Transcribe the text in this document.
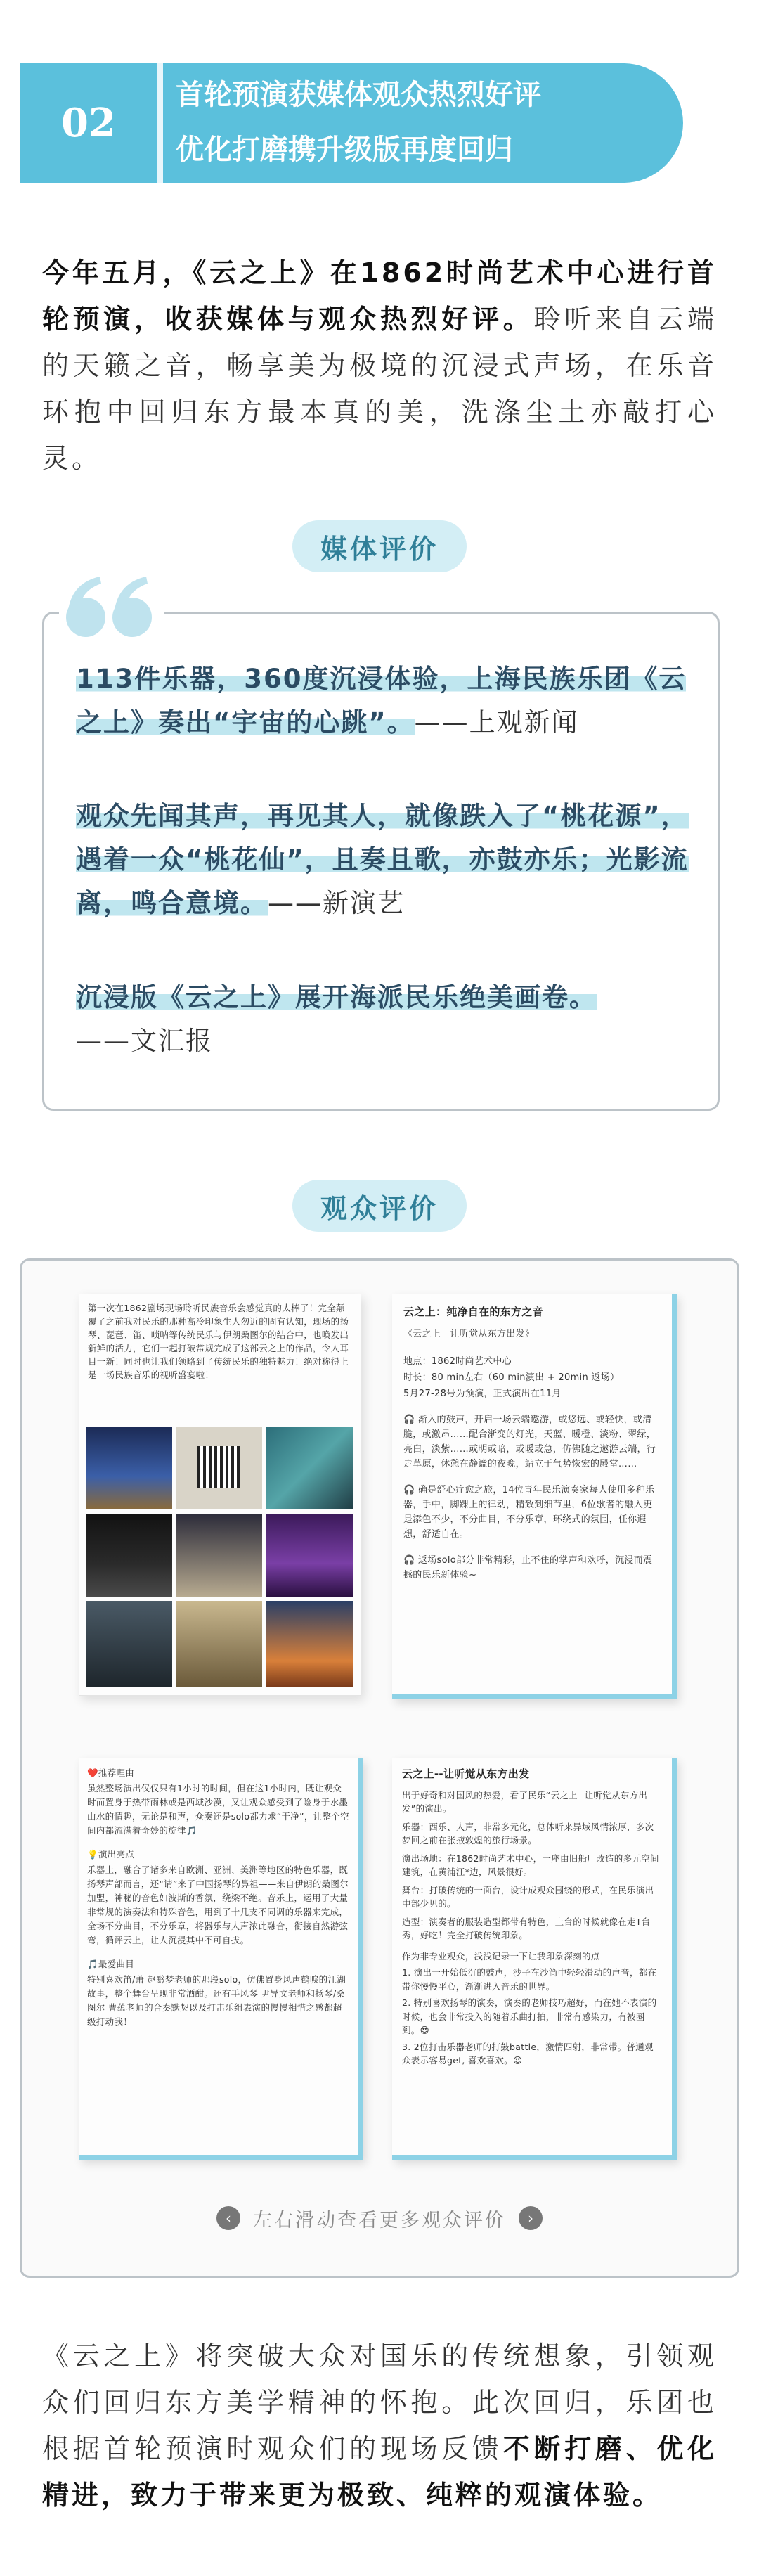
02
首轮预演获媒体观众热烈好评
优化打磨携升级版再度回归
今年五月，《云之上》在1862时尚艺术中心进行首轮预演，收获媒体与观众热烈好评。聆听来自云端的天籁之音，畅享美为极境的沉浸式声场，在乐音环抱中回归东方最本真的美，洗涤尘土亦敲打心灵。
媒体评价
113件乐器，360度沉浸体验，上海民族乐团《云之上》奏出“宇宙的心跳”。——上观新闻
观众先闻其声，再见其人，就像跌入了“桃花源”，遇着一众“桃花仙”，且奏且歌，亦鼓亦乐；光影流离，鸣合意境。——新演艺
沉浸版《云之上》展开海派民乐绝美画卷。
——文汇报
观众评价
第一次在1862剧场现场聆听民族音乐会感觉真的太棒了！完全颠覆了之前我对民乐的那种高冷印象生人勿近的固有认知，现场的扬琴、琵琶、笛、唢呐等传统民乐与伊朗桑图尔的结合中，也唤发出新鲜的活力，它们一起打破常规完成了这部云之上的作品，令人耳目一新！同时也让我们领略到了传统民乐的独特魅力！绝对称得上是一场民族音乐的视听盛宴啦！
云之上：纯净自在的东方之音

《云之上—让听觉从东方出发》

地点：1862时尚艺术中心

时长：80 min左右（60 min演出 + 20min 返场）

5月27-28号为预演，正式演出在11月

🎧 渐入的鼓声，开启一场云端遨游，或悠远、或轻快，或清脆，或激昂……配合渐变的灯光，天蓝、暖橙、淡粉、翠绿，亮白，淡紫……或明或暗，或暖或急，仿佛随之遨游云端，行走草原，休憩在静谧的夜晚，站立于气势恢宏的殿堂……

🎧 确是舒心疗愈之旅，14位青年民乐演奏家每人使用多种乐器，手中，脚踝上的律动，精致到细节里，6位歌者的融入更是添色不少，不分曲目，不分乐章，环绕式的氛围，任你遐想，舒适自在。

🎧 返场solo部分非常精彩，止不住的掌声和欢呼，沉浸而震撼的民乐新体验~

❤️推荐理由

虽然整场演出仅仅只有1小时的时间，但在这1小时内，既让观众时而置身于热带雨林或是西域沙漠，又让观众感受到了险身于水墨山水的情趣，无论是和声，众奏还是solo都力求“干净”，让整个空间内都流满着奇妙的旋律🎵

💡演出亮点

乐器上，融合了诸多来自欧洲、亚洲、美洲等地区的特色乐器，既扬琴声部而言，还“请”来了中国扬琴的鼻祖——来自伊朗的桑图尔加盟，神秘的音色如波斯的香氛，绕梁不绝。音乐上，运用了大量非常规的演奏法和特殊音色，用到了十几支不同调的乐器来完成，全场不分曲目，不分乐章，将器乐与人声浓此融合，衔接自然游弦弯，循评云上，让人沉浸其中不可自拔。

🎵最爱曲目

特别喜欢笛/萧 赵黔梦老师的那段solo，仿佛置身风声鹤唳的江湖故事，整个舞台呈现非常酒酣。还有手风琴 尹异文老师和扬琴/桑图尔 曹蕴老师的合奏默契以及打击乐组表演的慢慢相惜之感都超级打动我！

云之上--让听觉从东方出发

出于好奇和对国风的热爱，看了民乐“云之上--让听觉从东方出发”的演出。

乐器：西乐、人声，非常多元化，总体听来异域风情浓厚，多次梦回之前在张掖敦煌的旅行场景。

演出场地：在1862时尚艺术中心，一座由旧船厂改造的多元空间建筑，在黄浦江*边，风景很好。

舞台：打破传统的一面台，设计成观众围绕的形式，在民乐演出中部少见的。

造型：演奏者的服装造型都带有特色，上台的时候就像在走T台秀，好吃！完全打破传统印象。

作为非专业观众，浅浅记录一下让我印象深刻的点

1. 演出一开始低沉的鼓声，沙子在沙筒中轻轻滑动的声音，都在带你慢慢平心，渐渐进入音乐的世界。

2. 特别喜欢扬琴的演奏，演奏的老师技巧超好，而在她不表演的时候，也会非常投入的随着乐曲打拍，非常有感染力，有被圈到。😍

3. 2位打击乐器老师的打鼓battle，激情四射，非常带。普通观众表示容易get, 喜欢喜欢。😍

‹	左右滑动查看更多观众评价	›
《云之上》将突破大众对国乐的传统想象，引领观众们回归东方美学精神的怀抱。此次回归，乐团也根据首轮预演时观众们的现场反馈不断打磨、优化精进，致力于带来更为极致、纯粹的观演体验。
